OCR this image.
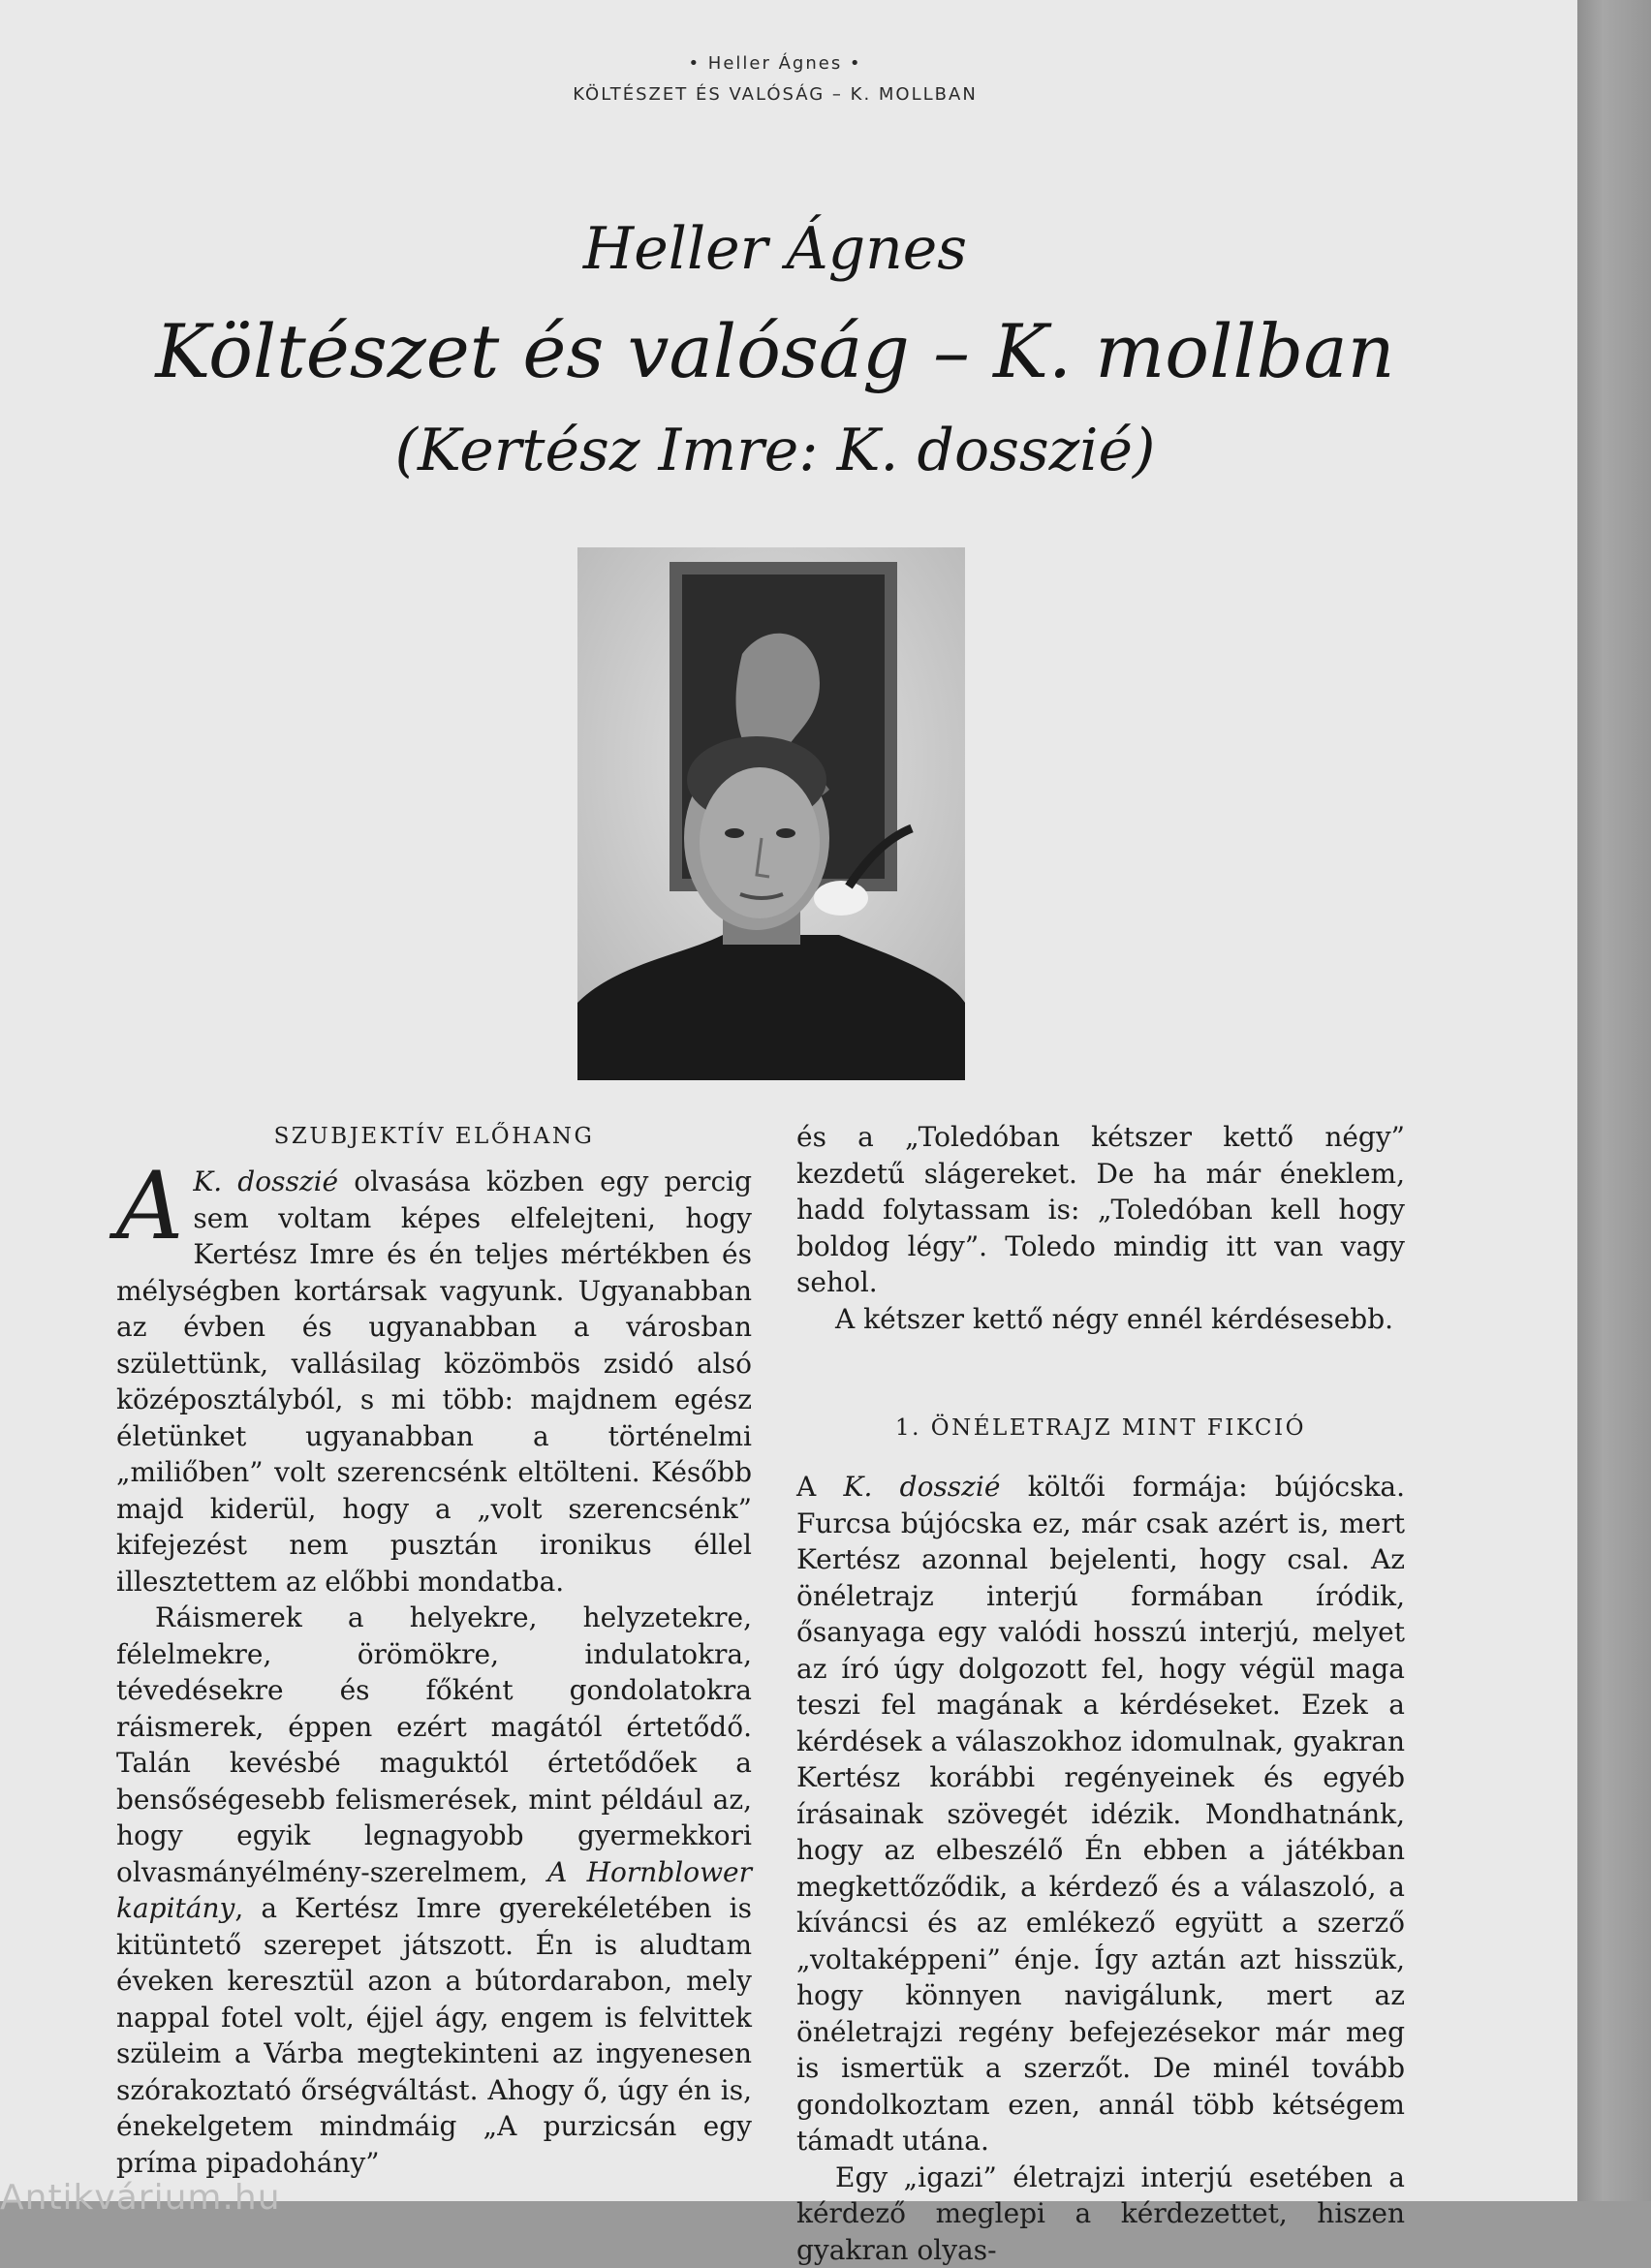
• Heller Ágnes •
KÖLTÉSZET ÉS VALÓSÁG – K. MOLLBAN
Heller Ágnes
Költészet és valóság – K. mollban
(Kertész Imre: K. dosszié)
SZUBJEKTÍV ELŐHANG

A K. dosszié olvasása közben egy percig sem voltam képes elfelejteni, hogy Kertész Imre és én teljes mértékben és mélységben kortársak vagyunk. Ugyanabban az évben és ugyanabban a városban születtünk, vallásilag közömbös zsidó alsó középosztályból, s mi több: majdnem egész életünket ugyanabban a történelmi „miliőben” volt szerencsénk eltölteni. Később majd kiderül, hogy a „volt szerencsénk” kifejezést nem pusztán ironikus éllel illesztettem az előbbi mondatba.

Ráismerek a helyekre, helyzetekre, félelmekre, örömökre, indulatokra, tévedésekre és főként gondolatokra ráismerek, éppen ezért magától értetődő. Talán kevésbé maguktól értetődőek a bensőségesebb felismerések, mint például az, hogy egyik legnagyobb gyermekkori olvasmányélmény-szerelmem, A Hornblower kapitány, a Kertész Imre gyerekéletében is kitüntető szerepet játszott. Én is aludtam éveken keresztül azon a bútordarabon, mely nappal fotel volt, éjjel ágy, engem is felvittek szüleim a Várba megtekinteni az ingyenesen szórakoztató őrségváltást. Ahogy ő, úgy én is, énekelgetem mindmáig „A purzicsán egy príma pipadohány”

és a „Toledóban kétszer kettő négy” kezdetű slágereket. De ha már éneklem, hadd folytassam is: „Toledóban kell hogy boldog légy”. Toledo mindig itt van vagy sehol.

A kétszer kettő négy ennél kérdésesebb.

1. ÖNÉLETRAJZ MINT FIKCIÓ

A K. dosszié költői formája: bújócska. Furcsa bújócska ez, már csak azért is, mert Kertész azonnal bejelenti, hogy csal. Az önéletrajz interjú formában íródik, ősanyaga egy valódi hosszú interjú, melyet az író úgy dolgozott fel, hogy végül maga teszi fel magának a kérdéseket. Ezek a kérdések a válaszokhoz idomulnak, gyakran Kertész korábbi regényeinek és egyéb írásainak szövegét idézik. Mondhatnánk, hogy az elbeszélő Én ebben a játékban megkettőződik, a kérdező és a válaszoló, a kíváncsi és az emlékező együtt a szerző „voltaképpeni” énje. Így aztán azt hisszük, hogy könnyen navigálunk, mert az önéletrajzi regény befejezésekor már meg is ismertük a szerzőt. De minél tovább gondolkoztam ezen, annál több kétségem támadt utána.

Egy „igazi” életrajzi interjú esetében a kérdező meglepi a kérdezettet, hiszen gyakran olyas-

Antikvárium.hu
